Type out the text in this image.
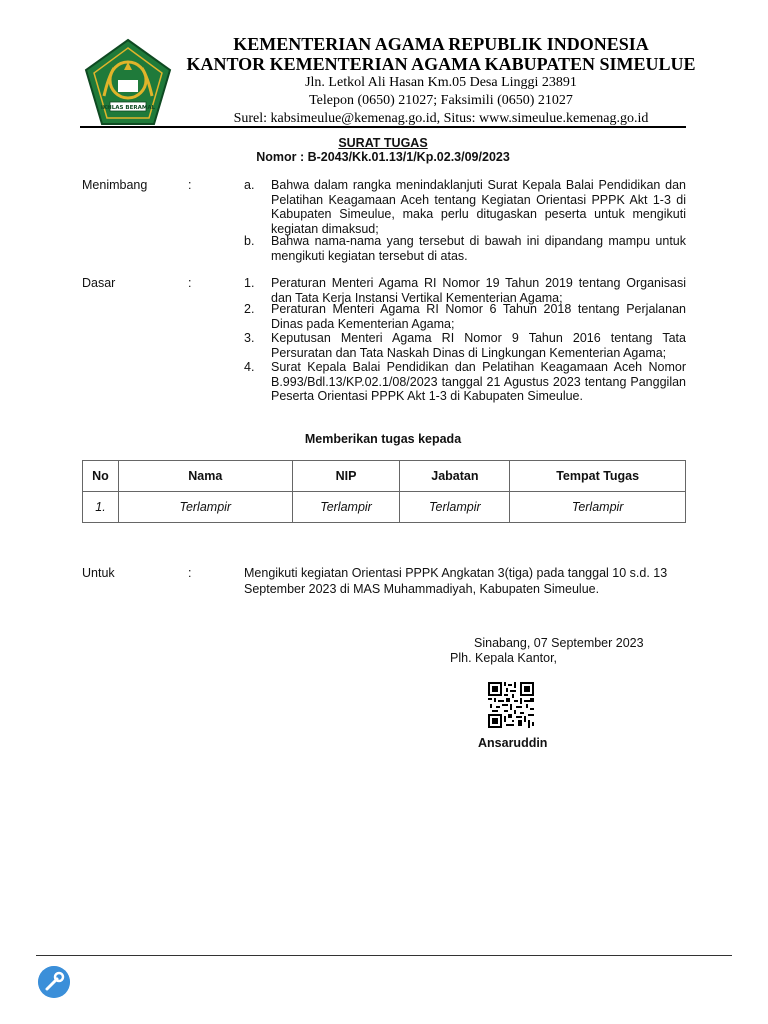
IKHLAS BERAMAL
KEMENTERIAN AGAMA REPUBLIK INDONESIA
KANTOR KEMENTERIAN AGAMA KABUPATEN SIMEULUE
Jln. Letkol Ali Hasan Km.05 Desa Linggi 23891
Telepon (0650) 21027; Faksimili (0650) 21027
Surel: kabsimeulue@kemenag.go.id, Situs: www.simeulue.kemenag.go.id
SURAT TUGAS
Nomor : B-2043/Kk.01.13/1/Kp.02.3/09/2023
Menimbang	:	a. Bahwa dalam rangka menindaklanjuti Surat Kepala Balai Pendidikan dan Pelatihan Keagamaan Aceh tentang Kegiatan Orientasi PPPK Akt 1-3 di Kabupaten Simeulue, maka perlu ditugaskan peserta untuk mengikuti kegiatan dimaksud;
b. Bahwa nama-nama yang tersebut di bawah ini dipandang mampu untuk mengikuti kegiatan tersebut di atas.
Dasar	:	1. Peraturan Menteri Agama RI Nomor 19 Tahun 2019 tentang Organisasi dan Tata Kerja Instansi Vertikal Kementerian Agama;
2. Peraturan Menteri Agama RI Nomor 6 Tahun 2018 tentang Perjalanan Dinas pada Kementerian Agama;
3. Keputusan Menteri Agama RI Nomor 9 Tahun 2016 tentang Tata Persuratan dan Tata Naskah Dinas di Lingkungan Kementerian Agama;
4. Surat Kepala Balai Pendidikan dan Pelatihan Keagamaan Aceh Nomor B.993/Bdl.13/KP.02.1/08/2023 tanggal 21 Agustus 2023 tentang Panggilan Peserta Orientasi PPPK Akt 1-3 di Kabupaten Simeulue.
Memberikan tugas kepada
No	Nama	NIP	Jabatan	Tempat Tugas
1.	Terlampir	Terlampir	Terlampir	Terlampir
Untuk	:	Mengikuti kegiatan Orientasi PPPK Angkatan 3(tiga) pada tanggal 10 s.d. 13 September 2023 di MAS Muhammadiyah, Kabupaten Simeulue.
Sinabang, 07 September 2023
Plh. Kepala Kantor,
Ansaruddin
